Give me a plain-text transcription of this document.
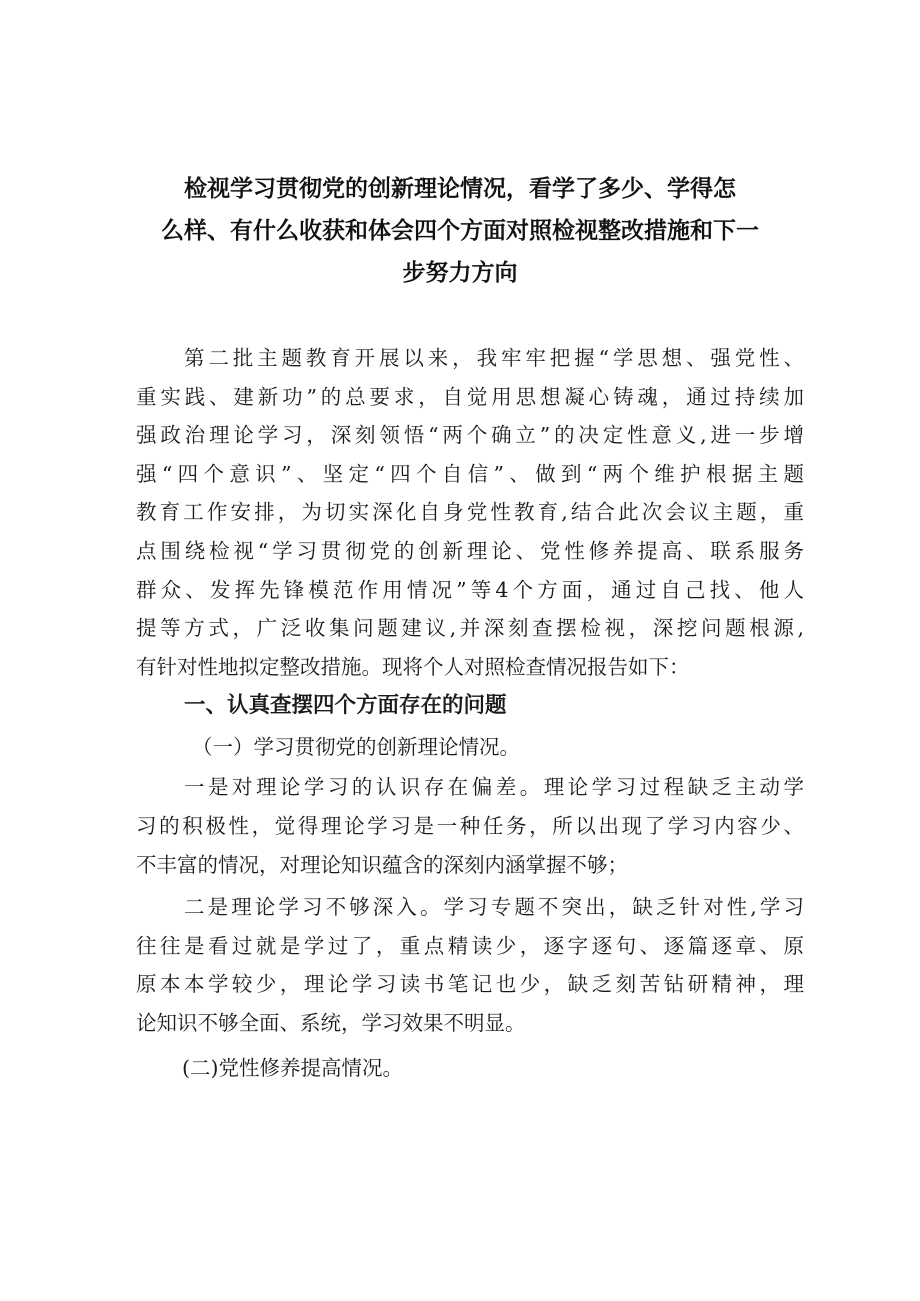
检视学习贯彻党的创新理论情况，看学了多少、学得怎
么样、有什么收获和体会四个方面对照检视整改措施和下一
步努力方向

第二批主题教育开展以来，我牢牢把握“学思想、强党性、
重实践、建新功”的总要求，自觉用思想凝心铸魂，通过持续加
强政治理论学习，深刻领悟“两个确立”的决定性意义,进一步增
强“四个意识”、坚定“四个自信”、做到“两个维护根据主题
教育工作安排，为切实深化自身党性教育,结合此次会议主题，重
点围绕检视“学习贯彻党的创新理论、党性修养提高、联系服务
群众、发挥先锋模范作用情况”等4个方面，通过自己找、他人
提等方式，广泛收集问题建议,并深刻查摆检视，深挖问题根源,
有针对性地拟定整改措施。现将个人对照检查情况报告如下：

一、认真查摆四个方面存在的问题

（一）学习贯彻党的创新理论情况。

一是对理论学习的认识存在偏差。理论学习过程缺乏主动学
习的积极性，觉得理论学习是一种任务，所以出现了学习内容少、
不丰富的情况，对理论知识蕴含的深刻内涵掌握不够；

二是理论学习不够深入。学习专题不突出，缺乏针对性,学习
往往是看过就是学过了，重点精读少，逐字逐句、逐篇逐章、原
原本本学较少，理论学习读书笔记也少，缺乏刻苦钻研精神，理
论知识不够全面、系统，学习效果不明显。

(二)党性修养提高情况。
